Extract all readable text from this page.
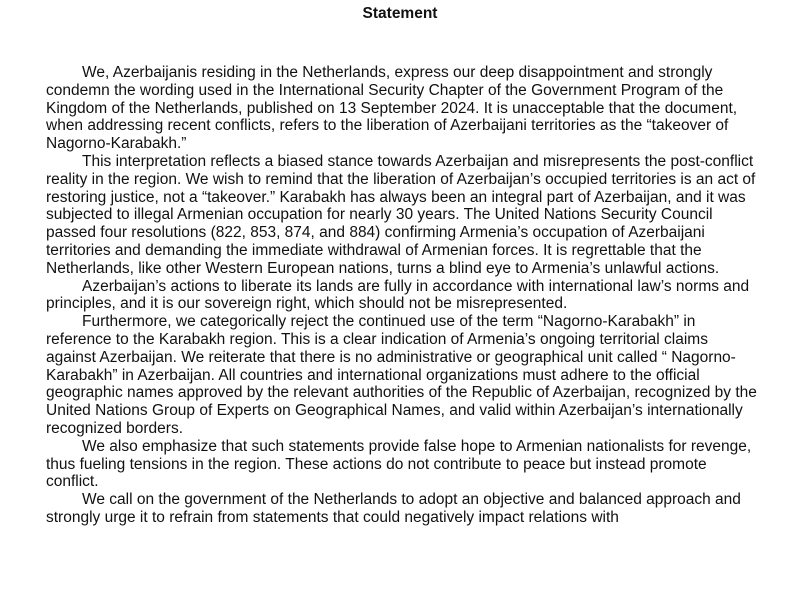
Statement

We, Azerbaijanis residing in the Netherlands, express our deep disappointment and strongly condemn the wording used in the International Security Chapter of the Government Program of the Kingdom of the Netherlands, published on 13 September 2024. It is unacceptable that the document, when addressing recent conflicts, refers to the liberation of Azerbaijani territories as the “takeover of Nagorno-Karabakh.”

This interpretation reflects a biased stance towards Azerbaijan and misrepresents the post-conflict reality in the region. We wish to remind that the liberation of Azerbaijan’s occupied territories is an act of restoring justice, not a “takeover.” Karabakh has always been an integral part of Azerbaijan, and it was subjected to illegal Armenian occupation for nearly 30 years. The United Nations Security Council passed four resolutions (822, 853, 874, and 884) confirming Armenia’s occupation of Azerbaijani territories and demanding the immediate withdrawal of Armenian forces. It is regrettable that the Netherlands, like other Western European nations, turns a blind eye to Armenia’s unlawful actions.

Azerbaijan’s actions to liberate its lands are fully in accordance with international law’s norms and principles, and it is our sovereign right, which should not be misrepresented.

Furthermore, we categorically reject the continued use of the term “Nagorno-Karabakh” in reference to the Karabakh region. This is a clear indication of Armenia’s ongoing territorial claims against Azerbaijan. We reiterate that there is no administrative or geographical unit called “ Nagorno-Karabakh” in Azerbaijan. All countries and international organizations must adhere to the official geographic names approved by the relevant authorities of the Republic of Azerbaijan, recognized by the United Nations Group of Experts on Geographical Names, and valid within Azerbaijan’s internationally recognized borders.

We also emphasize that such statements provide false hope to Armenian nationalists for revenge, thus fueling tensions in the region. These actions do not contribute to peace but instead promote conflict.

We call on the government of the Netherlands to adopt an objective and balanced approach and strongly urge it to refrain from statements that could negatively impact relations with
